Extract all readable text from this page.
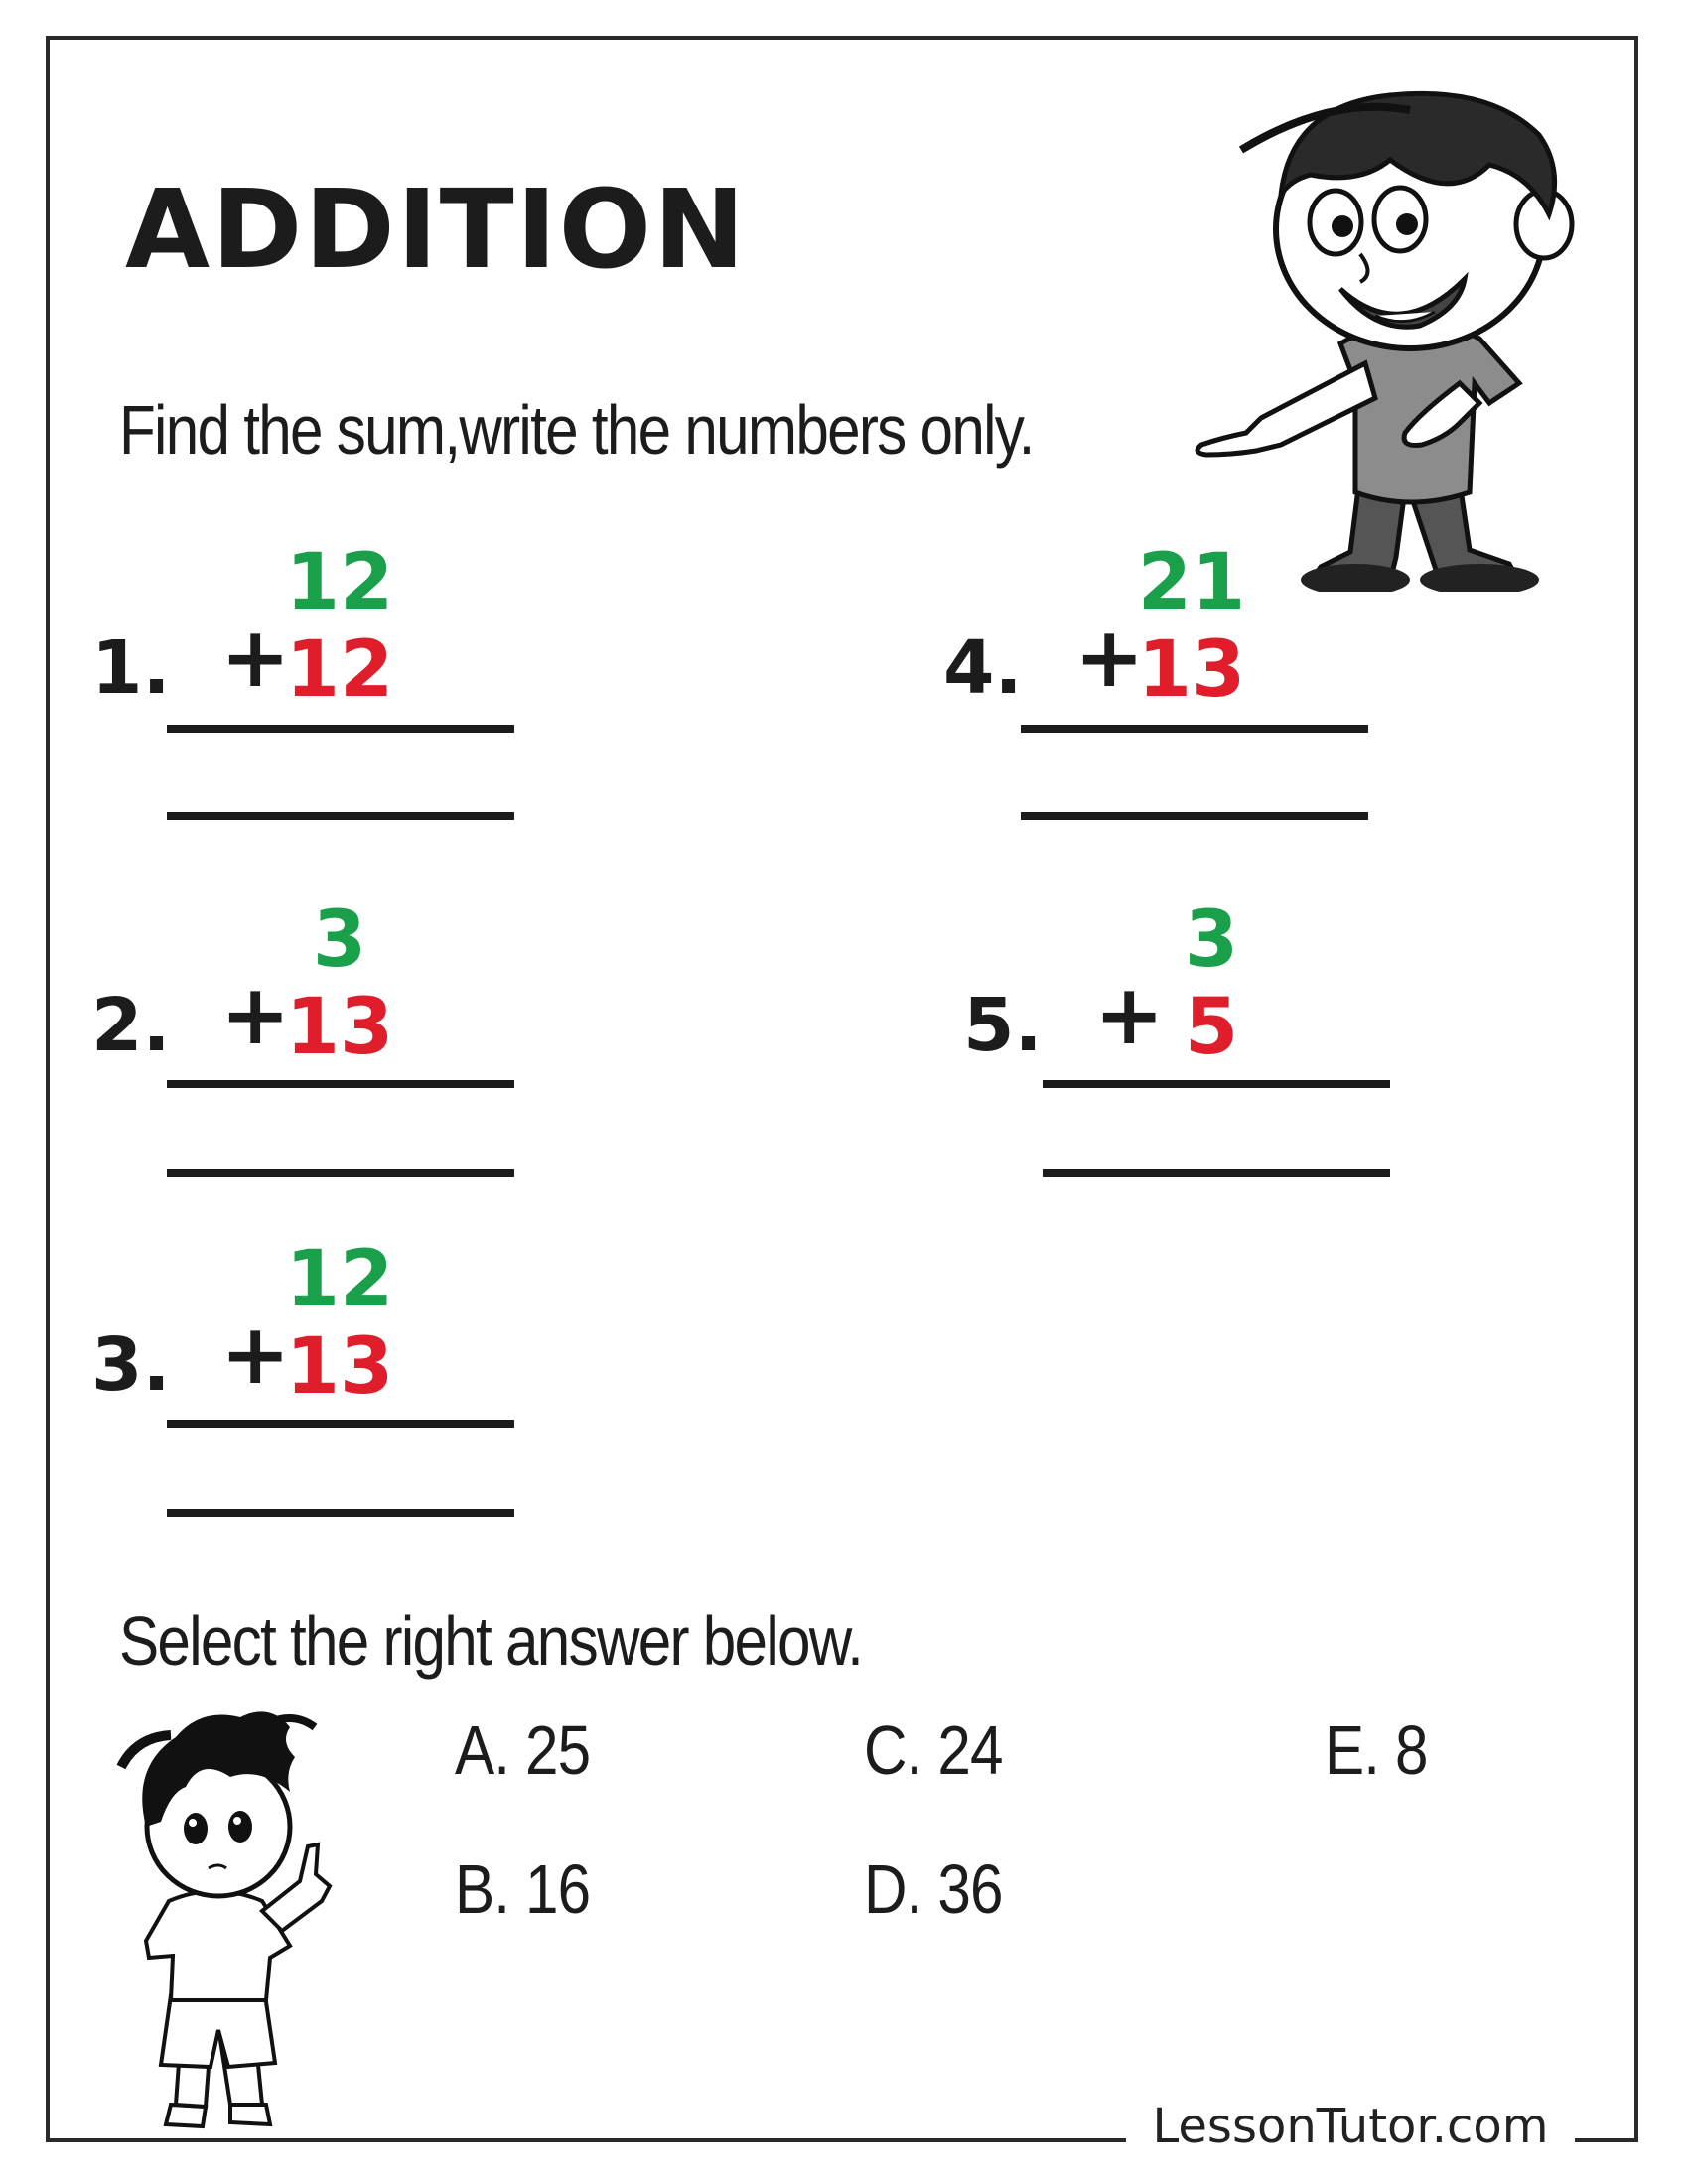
ADDITION
Find the sum,write the numbers only.
1. +
12
12
2. +
3
13
3. +
12
13
4. +
21
13
5. +
3
5
Select the right answer below.
A. 25
B. 16
C. 24
D. 36
E. 8
LessonTutor.com
